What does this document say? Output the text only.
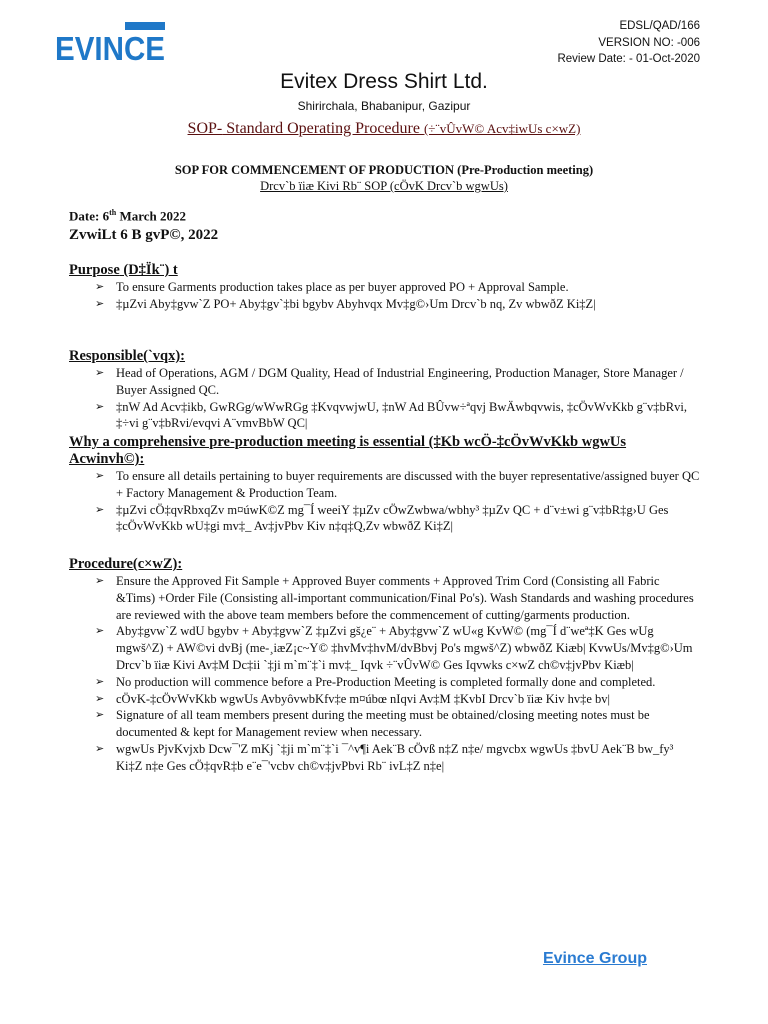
EVINCE
EDSL/QAD/166
VERSION NO: -006
Review Date: - 01-Oct-2020
Evitex Dress Shirt Ltd.
Shirirchala, Bhabanipur, Gazipur
SOP- Standard Operating Procedure (÷¨vÛvW© Acv‡iwUs c×wZ)
SOP FOR COMMENCEMENT OF PRODUCTION (Pre-Production meeting)
Drcv`b ïiæ Kivi Rb¨ SOP (cÖvK Drcv`b wgwUs)
Date: 6th March 2022
ZvwiLt 6 B gvP©, 2022

Purpose (D‡Ïk¨) t

➢ To ensure Garments production takes place as per buyer approved PO + Approval Sample.
➢ ‡µZvi Aby‡gvw`Z PO+ Aby‡gv`‡bi bgybv Abyhvqx Mv‡g©›Um Drcv`b nq, Zv wbwðZ Ki‡Z|

Responsible(`vqx):

➢ Head of Operations, AGM / DGM Quality, Head of Industrial Engineering, Production Manager, Store Manager / Buyer Assigned QC.
➢ ‡nW Ad Acv‡ikb, GwRGg/wWwRGg ‡KvqvwjwU, ‡nW Ad BÛvw÷ªqvj BwÄwbqvwis, ‡cÖvWvKkb g¨v‡bRvi, ‡÷vi g¨v‡bRvi/evqvi A¨vmvBbW QC|

Why a comprehensive pre-production meeting is essential (‡Kb wcÖ-‡cÖvWvKkb wgwUs Acwinvh©):

➢ To ensure all details pertaining to buyer requirements are discussed with the buyer representative/assigned buyer QC + Factory Management & Production Team.
➢ ‡µZvi cÖ‡qvRbxqZv m¤úwK©Z mg¯Í weeiY ‡µZv cÖwZwbwa/wbhy³ ‡µZv QC + d¨v±wi g¨v‡bR‡g›U Ges ‡cÖvWvKkb wU‡gi mv‡_ Av‡jvPbv Kiv n‡q‡Q,Zv wbwðZ Ki‡Z|

Procedure(c×wZ):

➢ Ensure the Approved Fit Sample + Approved Buyer comments + Approved Trim Cord (Consisting all Fabric &Tims) +Order File (Consisting all-important communication/Final Po's). Wash Standards and washing procedures are reviewed with the above team members before the commencement of cutting/garments production.
➢ Aby‡gvw`Z wdU bgybv + Aby‡gvw`Z ‡µZvi gš¿e¨ + Aby‡gvw`Z wU«g KvW© (mg¯Í d¨weª‡K Ges wUg mgwš^Z) + AW©vi dvBj (me-¸iæZ¡c~Y© ‡hvMv‡hvM/dvBbvj Po's mgwš^Z) wbwðZ Kiæb| KvwUs/Mv‡g©›Um Drcv`b ïiæ Kivi Av‡M Dc‡ii `‡ji m`m¨‡`i mv‡_ Iqvk ÷¨vÛvW© Ges Iqvwks c×wZ ch©v‡jvPbv Kiæb|
➢ No production will commence before a Pre-Production Meeting is completed formally done and completed.
➢ cÖvK-‡cÖvWvKkb wgwUs AvbyôvwbKfv‡e m¤úbœ nIqvi Av‡M ‡KvbI Drcv`b ïiæ Kiv hv‡e bv|
➢ Signature of all team members present during the meeting must be obtained/closing meeting notes must be documented & kept for Management review when necessary.
➢ wgwUs PjvKvjxb Dcw¯'Z mKj `‡ji m`m¨‡`i ¯^v¶i Aek¨B cÖvß n‡Z n‡e/ mgvcbx wgwUs ‡bvU Aek¨B bw_fy³ Ki‡Z n‡e Ges cÖ‡qvR‡b e¨e¯'vcbv ch©v‡jvPbvi Rb¨ ivL‡Z n‡e|
Evince Group
